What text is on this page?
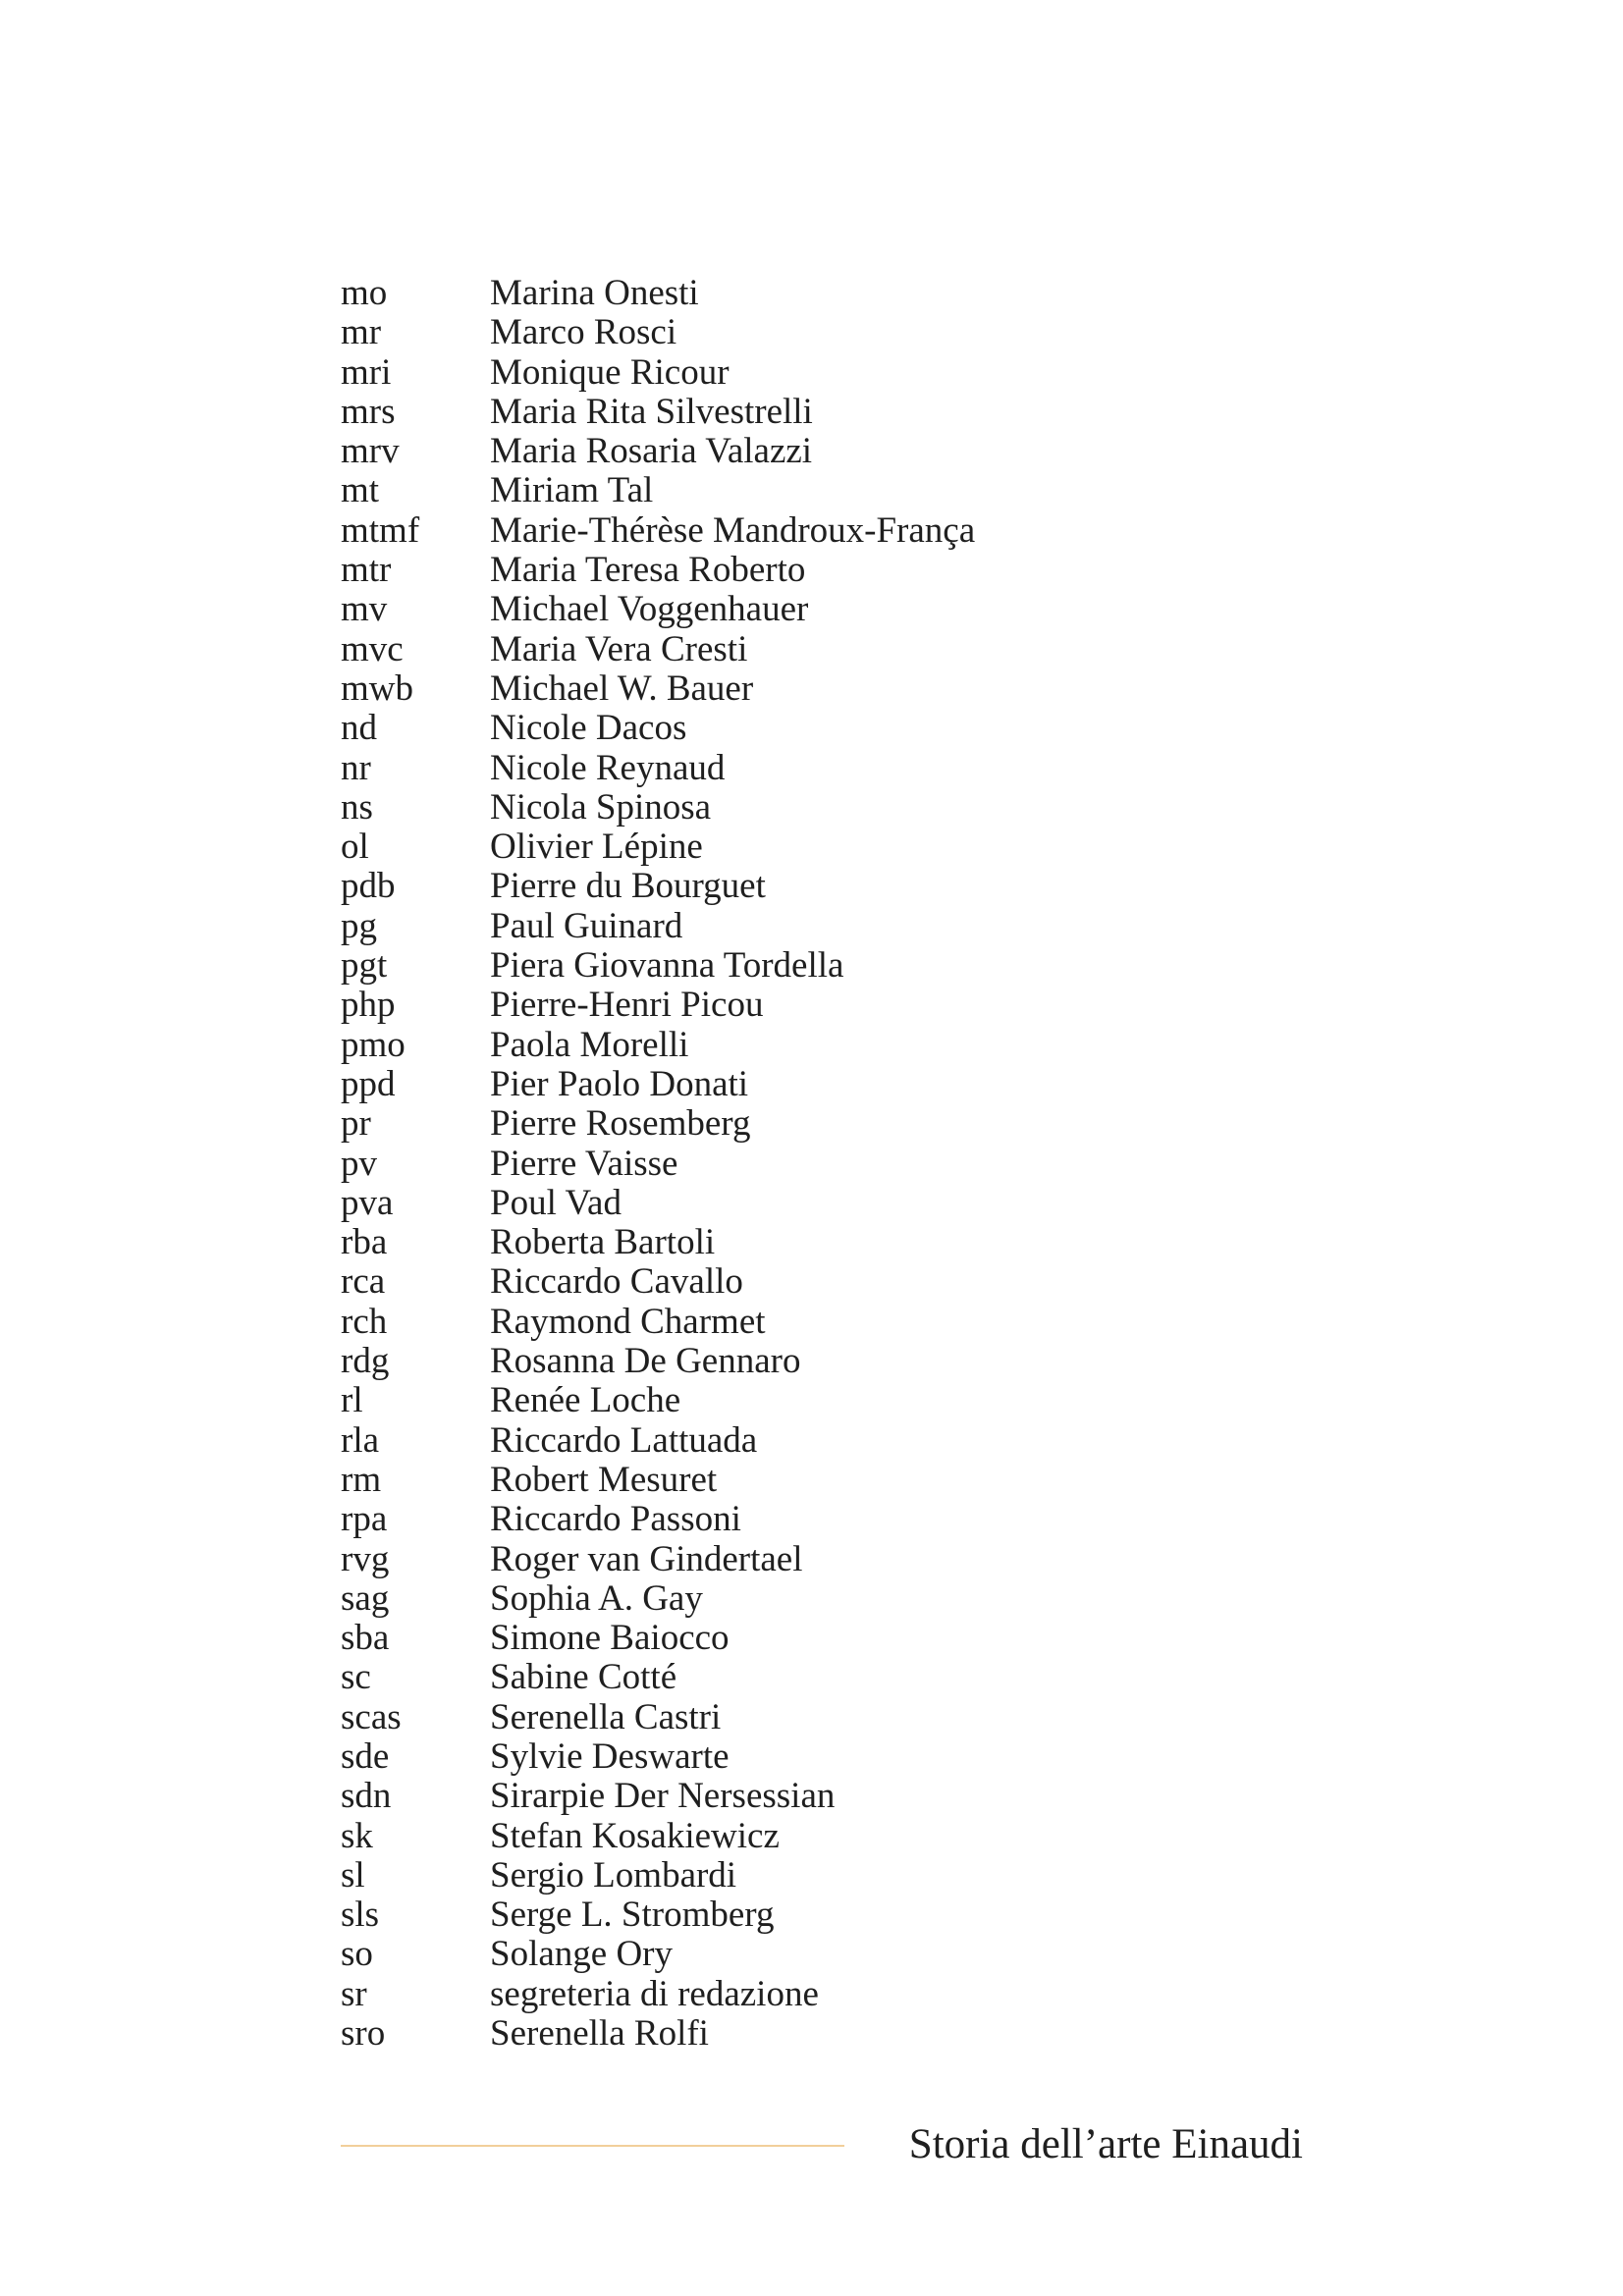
mo	Marina Onesti
mr	Marco Rosci
mri	Monique Ricour
mrs	Maria Rita Silvestrelli
mrv	Maria Rosaria Valazzi
mt	Miriam Tal
mtmf	Marie-Thérèse Mandroux-França
mtr	Maria Teresa Roberto
mv	Michael Voggenhauer
mvc	Maria Vera Cresti
mwb	Michael W. Bauer
nd	Nicole Dacos
nr	Nicole Reynaud
ns	Nicola Spinosa
ol	Olivier Lépine
pdb	Pierre du Bourguet
pg	Paul Guinard
pgt	Piera Giovanna Tordella
php	Pierre-Henri Picou
pmo	Paola Morelli
ppd	Pier Paolo Donati
pr	Pierre Rosemberg
pv	Pierre Vaisse
pva	Poul Vad
rba	Roberta Bartoli
rca	Riccardo Cavallo
rch	Raymond Charmet
rdg	Rosanna De Gennaro
rl	Renée Loche
rla	Riccardo Lattuada
rm	Robert Mesuret
rpa	Riccardo Passoni
rvg	Roger van Gindertael
sag	Sophia A. Gay
sba	Simone Baiocco
sc	Sabine Cotté
scas	Serenella Castri
sde	Sylvie Deswarte
sdn	Sirarpie Der Nersessian
sk	Stefan Kosakiewicz
sl	Sergio Lombardi
sls	Serge L. Stromberg
so	Solange Ory
sr	segreteria di redazione
sro	Serenella Rolfi
Storia dell’arte Einaudi
